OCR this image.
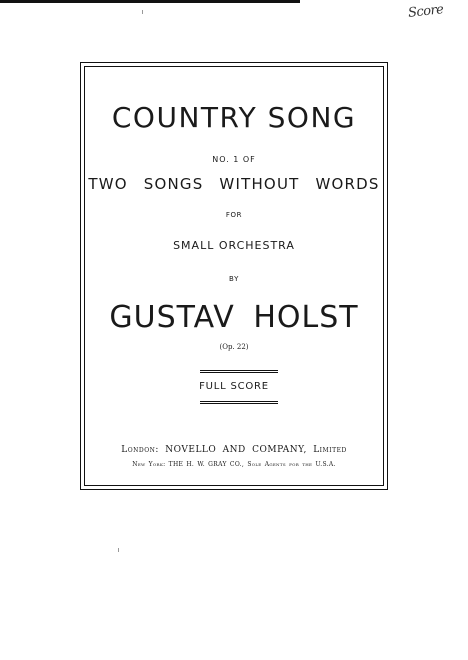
Score
COUNTRY SONG
NO. 1 OF
TWO SONGS WITHOUT WORDS
FOR
SMALL ORCHESTRA
BY
GUSTAV HOLST
(Op. 22)
FULL SCORE
London: NOVELLO AND COMPANY, Limited
New York: THE H. W. GRAY CO., Sole Agents for the U.S.A.
